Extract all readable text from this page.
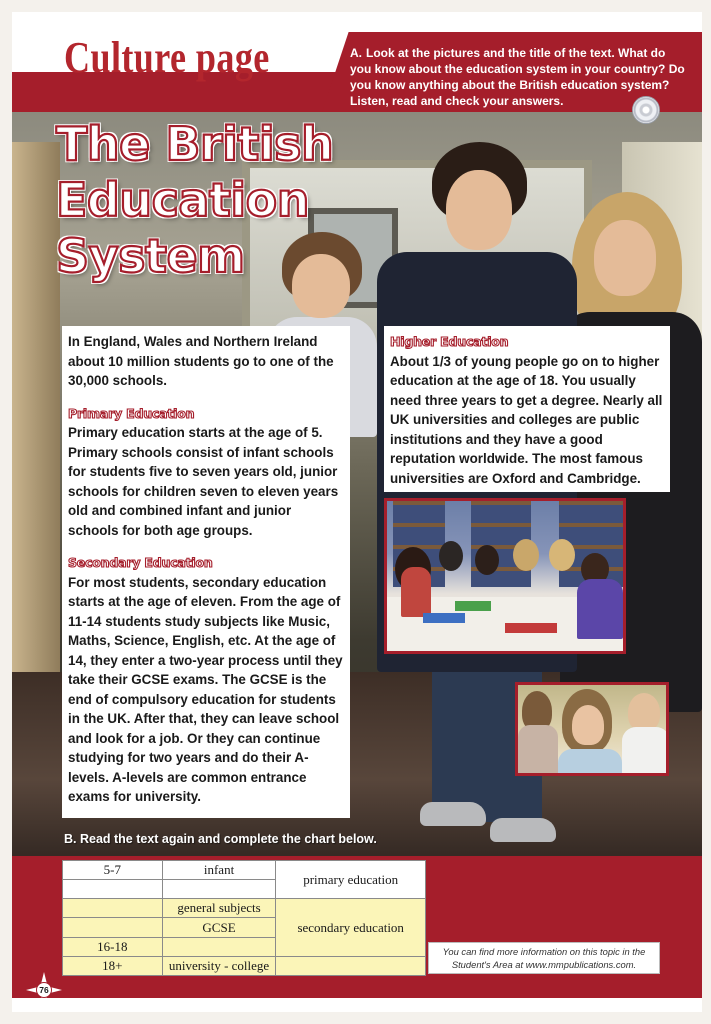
Culture page	A. Look at the pictures and the title of the text. What do you know about the education system in your country? Do you know anything about the British education system? Listen, read and check your answers.
The British
Education
System

In England, Wales and Northern Ireland about 10 million students go to one of the 30,000 schools.

Primary Education

Primary education starts at the age of 5. Primary schools consist of infant schools for students five to seven years old, junior schools for children seven to eleven years old and combined infant and junior schools for both age groups.

Secondary Education

For most students, secondary education starts at the age of eleven. From the age of 11-14 students study subjects like Music, Maths, Science, English, etc. At the age of 14, they enter a two-year process until they take their GCSE exams. The GCSE is the end of compulsory education for students in the UK. After that, they can leave school and look for a job. Or they can continue studying for two years and do their A-levels. A-levels are common entrance exams for university.

Higher Education

About 1/3 of young people go on to higher education at the age of 18. You usually need three years to get a degree. Nearly all UK universities and colleges are public institutions and they have a good reputation worldwide. The most famous universities are Oxford and Cambridge.

B. Read the text again and complete the chart below.
5-7	infant	primary education

	general subjects	secondary education
	GCSE	
16-18		
18+	university - college	
You can find more information on this topic in the Student's Area at www.mmpublications.com.
76
